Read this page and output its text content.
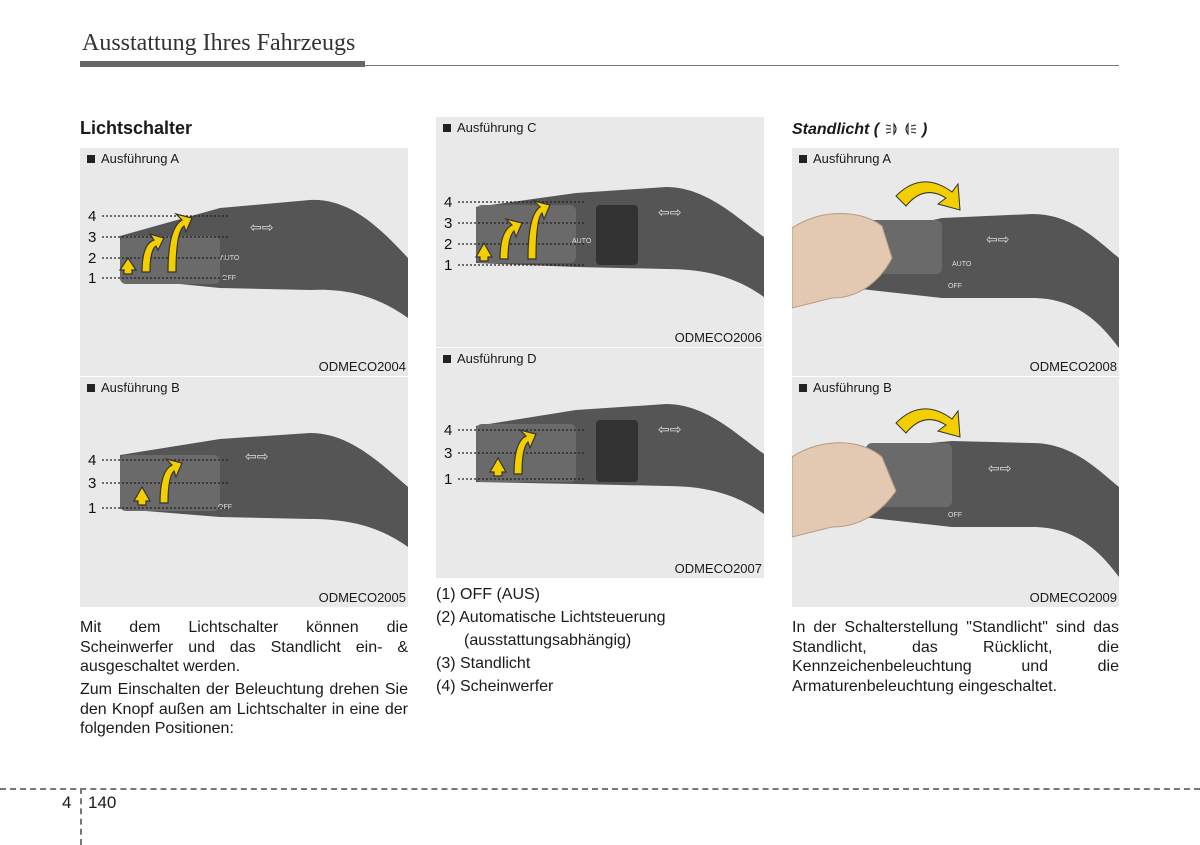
Ausstattung Ihres Fahrzeugs
Lichtschalter
AUTO
OFF
⇦⇨
4
3
2
1
Ausführung A
ODMECO2004
OFF
⇦⇨
4
3
1
Ausführung B
ODMECO2005
Mit dem Lichtschalter können die Scheinwerfer und das Standlicht ein- & ausgeschaltet werden.
Zum Einschalten der Beleuchtung drehen Sie den Knopf außen am Lichtschalter in eine der folgenden Positionen:
AUTO
⇦⇨
4
3
2
1
Ausführung C
ODMECO2006
⇦⇨
4
3
1
Ausführung D
ODMECO2007
(1) OFF (AUS)
(2) Automatische Lichtsteuerung
(ausstattungsabhängig)
(3) Standlicht
(4) Scheinwerfer
Standlicht (	)
⇦⇨
AUTO
OFF
Ausführung A
ODMECO2008
⇦⇨
OFF
Ausführung B
ODMECO2009
In der Schalterstellung "Standlicht" sind das Standlicht, das Rücklicht, die Kennzeichenbeleuchtung und die Armaturenbeleuchtung eingeschaltet.
4 140
